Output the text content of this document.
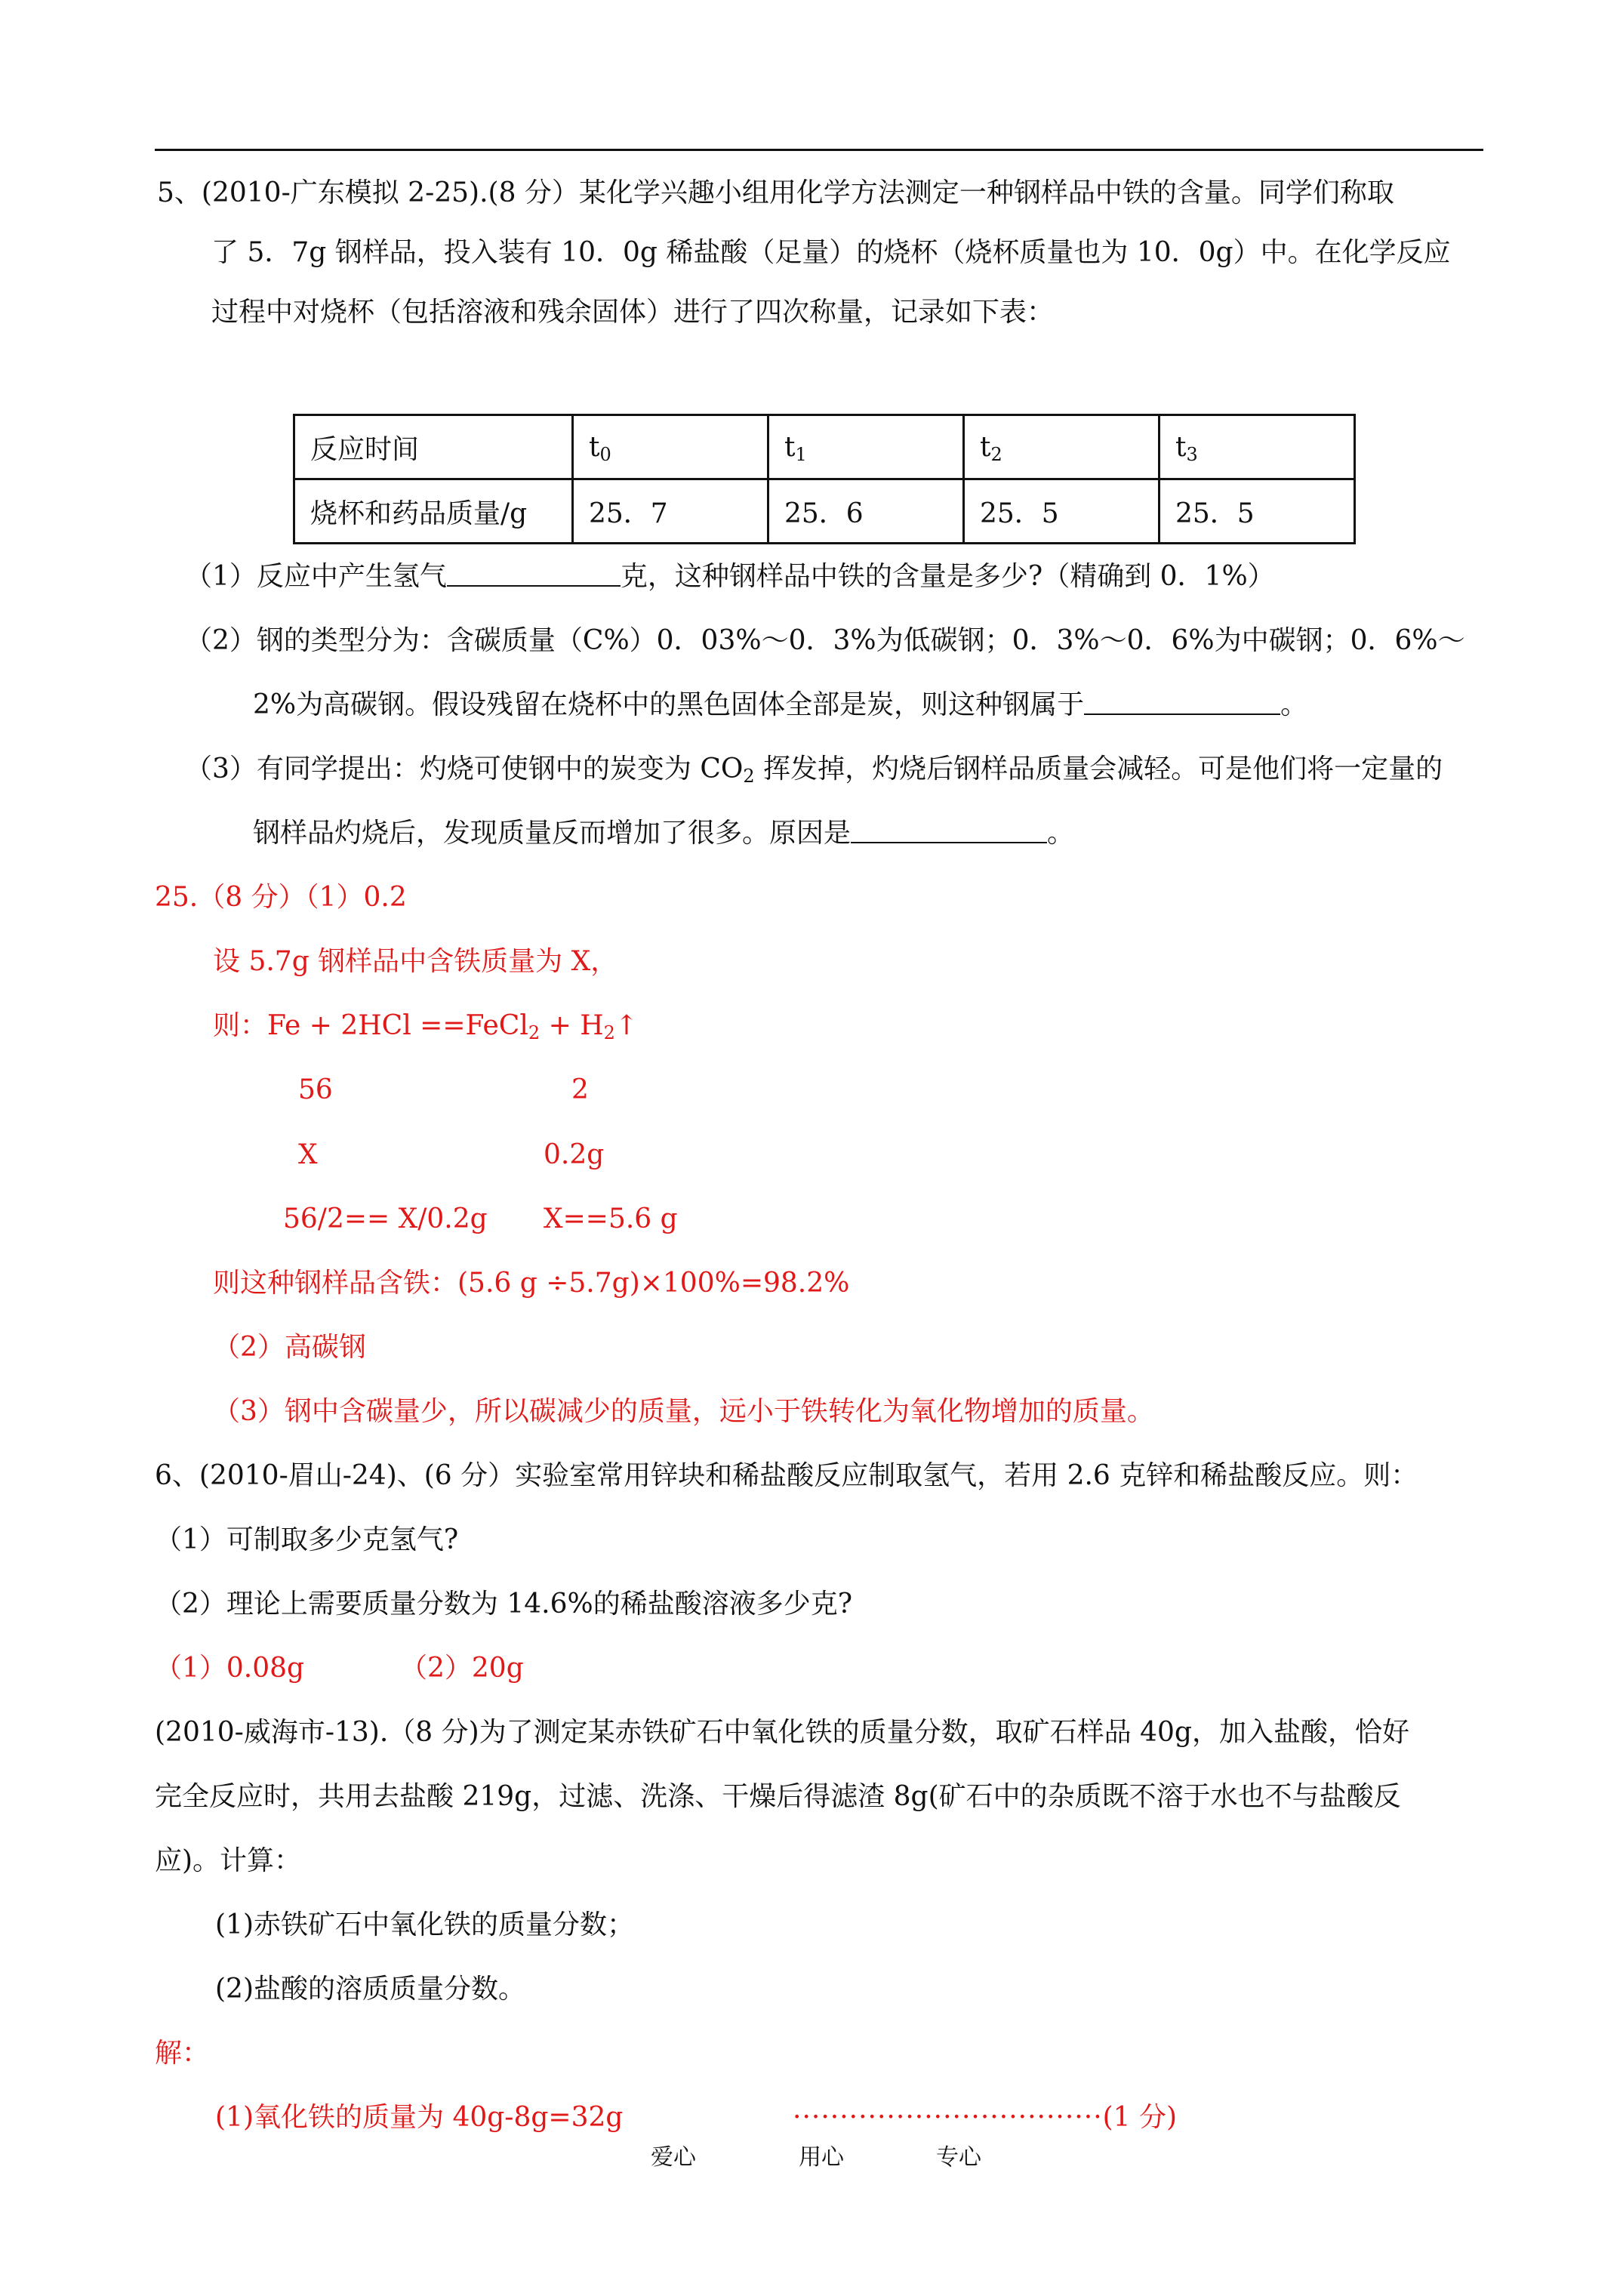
5、(2010-广东模拟 2-25).(8 分）某化学兴趣小组用化学方法测定一种钢样品中铁的含量。同学们称取
了 5．7g 钢样品，投入装有 10．0g 稀盐酸（足量）的烧杯（烧杯质量也为 10．0g）中。在化学反应
过程中对烧杯（包括溶液和残余固体）进行了四次称量，记录如下表：
反应时间	$t_0$	$t_1$	$t_2$	$t_3$
烧杯和药品质量/g	25．7	25．6	25．5	25．5
（1）反应中产生氢气	克，这种钢样品中铁的含量是多少?（精确到 0．1%）
（2）钢的类型分为：含碳质量（C%）0．03%～0．3%为低碳钢；0．3%～0．6%为中碳钢；0．6%～
2%为高碳钢。假设残留在烧杯中的黑色固体全部是炭，则这种钢属于	。
（3）有同学提出：灼烧可使钢中的炭变为 $CO_2$ 挥发掉，灼烧后钢样品质量会减轻。可是他们将一定量的
钢样品灼烧后，发现质量反而增加了很多。原因是	。
25.（8 分）（1）0.2
设 5.7g 钢样品中含铁质量为 X，
则：Fe + 2HCl ==FeCl$_2$ + $H_2↑$
56	2
X	0.2g
56/2== X/0.2g X==5.6 g
则这种钢样品含铁：(5.6 g ÷5.7g)×100%=98.2%
（2）高碳钢
（3）钢中含碳量少，所以碳减少的质量，远小于铁转化为氧化物增加的质量。
6、(2010-眉山-24)、(6 分）实验室常用锌块和稀盐酸反应制取氢气，若用 2.6 克锌和稀盐酸反应。则：
（1）可制取多少克氢气?
（2）理论上需要质量分数为 14.6%的稀盐酸溶液多少克?
（1）0.08g	（2）20g
(2010-威海市-13).（8 分)为了测定某赤铁矿石中氧化铁的质量分数，取矿石样品 40g，加入盐酸，恰好
完全反应时，共用去盐酸 219g，过滤、洗涤、干燥后得滤渣 8g(矿石中的杂质既不溶于水也不与盐酸反
应)。计算：
(1)赤铁矿石中氧化铁的质量分数；
(2)盐酸的溶质质量分数。
解：
(1)氧化铁的质量为 40g-8g=32g	·································(1 分)
爱心	用心	专心
